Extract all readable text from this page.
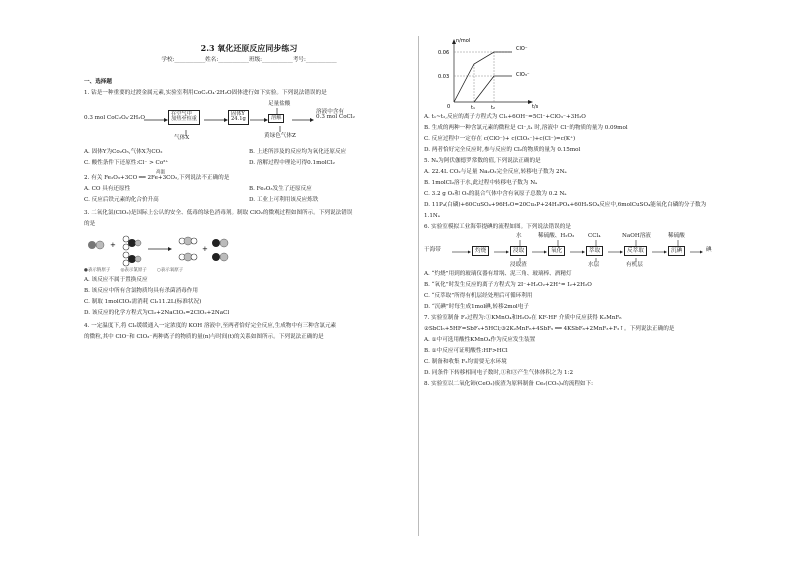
2.3 氧化还原反应同步练习
学校:___________姓名:___________班级:___________考号:___________
一、选择题
1. 钴是一种重要的过渡金属元素,实验室利用CoC₂O₄·2H₂O固体进行如下实验。下列说法错误的是
0.3 mol CoC₂O₄·2H₂O
在空气中
加热至恒重
气体X
固体Y
24.1g
足量盐酸
溶解
溶液中含有
0.3 mol CoCl₂
黄绿色气体Z
A. 固体Y为Co₂O₃,气体X为CO₂	B. 上述所涉及的反应均为氧化还原反应
C. 酸性条件下还原性:Cl⁻ > Co²⁺	D. 溶解过程中理论可得0.1molCl₂
2. 有关 Fe₂O₃+3CO ══ 2Fe+3CO₂,下列说法不正确的是
高温
A. CO 具有还原性	B. Fe₂O₃发生了还原反应
C. 反应后铁元素的化合价升高	D. 工业上可利用该反应炼铁
3. 二氧化氯(ClO₂)是国际上公认的安全、低毒的绿色消毒剂。制取 ClO₂的微观过程如图所示。下列说法错误
的是
+	+
●表示钠原子 ◎表示氯原子 ○表示氧原子
A. 该反应不属于置换反应
B. 该反应中所有含氯物质均具有杀菌消毒作用
C. 制取 1molClO₂需消耗 Cl₂11.2L(标准状况)
D. 该反应的化学方程式为Cl₂+2NaClO₂=2ClO₂+2NaCl
4. 一定温度下,将 Cl₂缓缓通入一定浓度的 KOH 溶液中,至两者恰好完全反应,生成物中有三种含氯元素
的微粒,其中 ClO⁻和 ClO₃⁻两种离子的物质的量(n)与时间(t)的关系如图所示。下列说法正确的是
n/mol
0.06
0.03
0	t/s
t₁	t₂
ClO⁻
ClO₃⁻
A. t₁~t₂,反应的离子方程式为 Cl₂+6OH⁻=5Cl⁻+ClO₃⁻+3H₂O
B. 生成的两种一种含氯元素的微粒是 Cl⁻,t₁ 时,溶液中 Cl⁻的物质的量为 0.09mol
C. 反应过程中一定存在 c(ClO⁻)+ c(ClO₃⁻)+c(Cl⁻)=c(K⁺)
D. 两者恰好完全反应时,参与反应的 Cl₂的物质的量为 0.15mol
5. Nₐ为阿伏伽德罗常数的值,下列说法正确的是
A. 22.4L CO₂与足量 Na₂O₂完全反应,转移电子数为 2Nₐ
B. 1molCl₂溶于水,此过程中转移电子数为 Nₐ
C. 3.2 g O₂和 O₃的混合气体中含有氧原子总数为 0.2 Nₐ
D. 11P₄(白磷)+60CuSO₄+96H₂O=20Cu₃P+24H₃PO₄+60H₂SO₄反应中,6molCuSO₄能氧化白磷的分子数为
1.1Nₐ
6. 实验室模拟工业海带提碘的流程如图。下列说法错误的是
干海带	灼烧	浸取	氧化	萃取	反萃取	沉碘	碘
水	稀硫酸、H₂O₂ CCl₄	NaOH溶液	稀硫酸
浸取渣	水层	有机层
A. “灼烧”用到的玻璃仪器有坩埚、泥三角、玻璃棒、酒精灯
B. “氧化”时发生反应的离子方程式为 2I⁻+H₂O₂+2H⁺= I₂+2H₂O
C. “反萃取”所得有机层经处理后可循环利用
D. “沉碘”时每生成1mol碘,转移2mol电子
7. 实验室制备 F₂过程为:①KMnO₄和H₂O₂在 KF-HF 介质中反应获得 K₂MnF₆
②SbCl₅+5HF=SbF₅+5HCl;③2K₂MnF₆+4SbF₅ ══ 4KSbF₆+2MnF₃+F₂↑。下列说法正确的是
A. ①中可选用酸性KMnO₄作为反应发生装置
B. ①中反应可证明酸性:HF>HCl
C. 制备和收集 F₂均需要无水环境
D. 同条件下转移相同电子数时,①和③产生气体体积之为 1:2
8. 实验室以二氧化铈(CeO₂)废渣为原料制备 Ce₂(CO₃)₃的流程如下:
